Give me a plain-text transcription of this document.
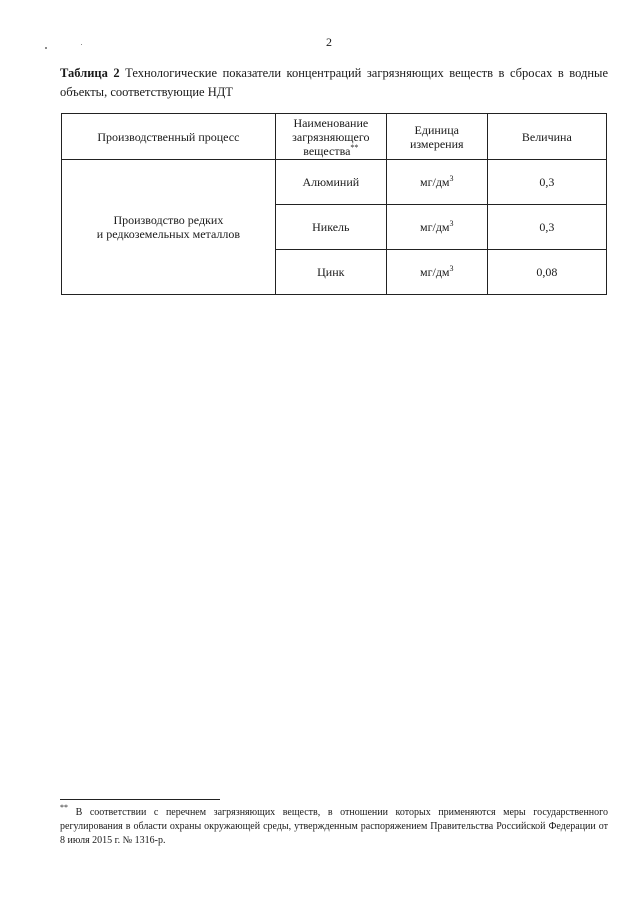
2
Таблица 2 Технологические показатели концентраций загрязняющих веществ в сбросах в водные объекты, соответствующие НДТ
Производственный процесс	Наименование загрязняющего вещества**	Единица измерения	Величина
Производство редких
и редкоземельных металлов	Алюминий	$мг/дм^3$	0,3
	Никель	$мг/дм^3$	0,3
	Цинк	$мг/дм^3$	0,08
** В соответствии с перечнем загрязняющих веществ, в отношении которых применяются меры государственного регулирования в области охраны окружающей среды, утвержденным распоряжением Правительства Российской Федерации от 8 июля 2015 г. № 1316-р.
